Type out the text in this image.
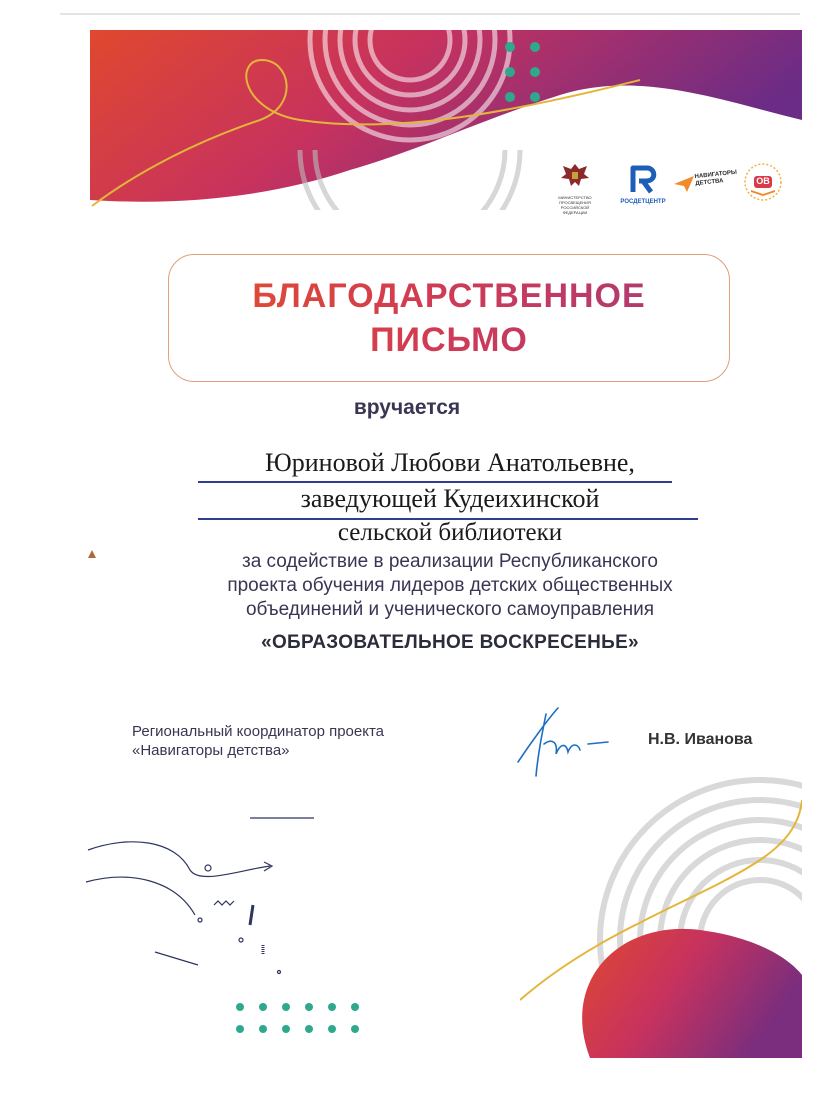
МИНИСТЕРСТВО ПРОСВЕЩЕНИЯ РОССИЙСКОЙ ФЕДЕРАЦИИ
РОСДЕТЦЕНТР
НАВИГАТОРЫ ДЕТСТВА	ОВ
БЛАГОДАРСТВЕННОЕ
ПИСЬМО
вручается
Юриновой Любови Анатольевне,
заведующей Кудеихинской
сельской библиотеки
за содействие в реализации Республиканского
проекта обучения лидеров детских общественных
объединений и ученического самоуправления
«ОБРАЗОВАТЕЛЬНОЕ ВОСКРЕСЕНЬЕ»
Региональный координатор проекта
«Навигаторы детства»
Н.В. Иванова
